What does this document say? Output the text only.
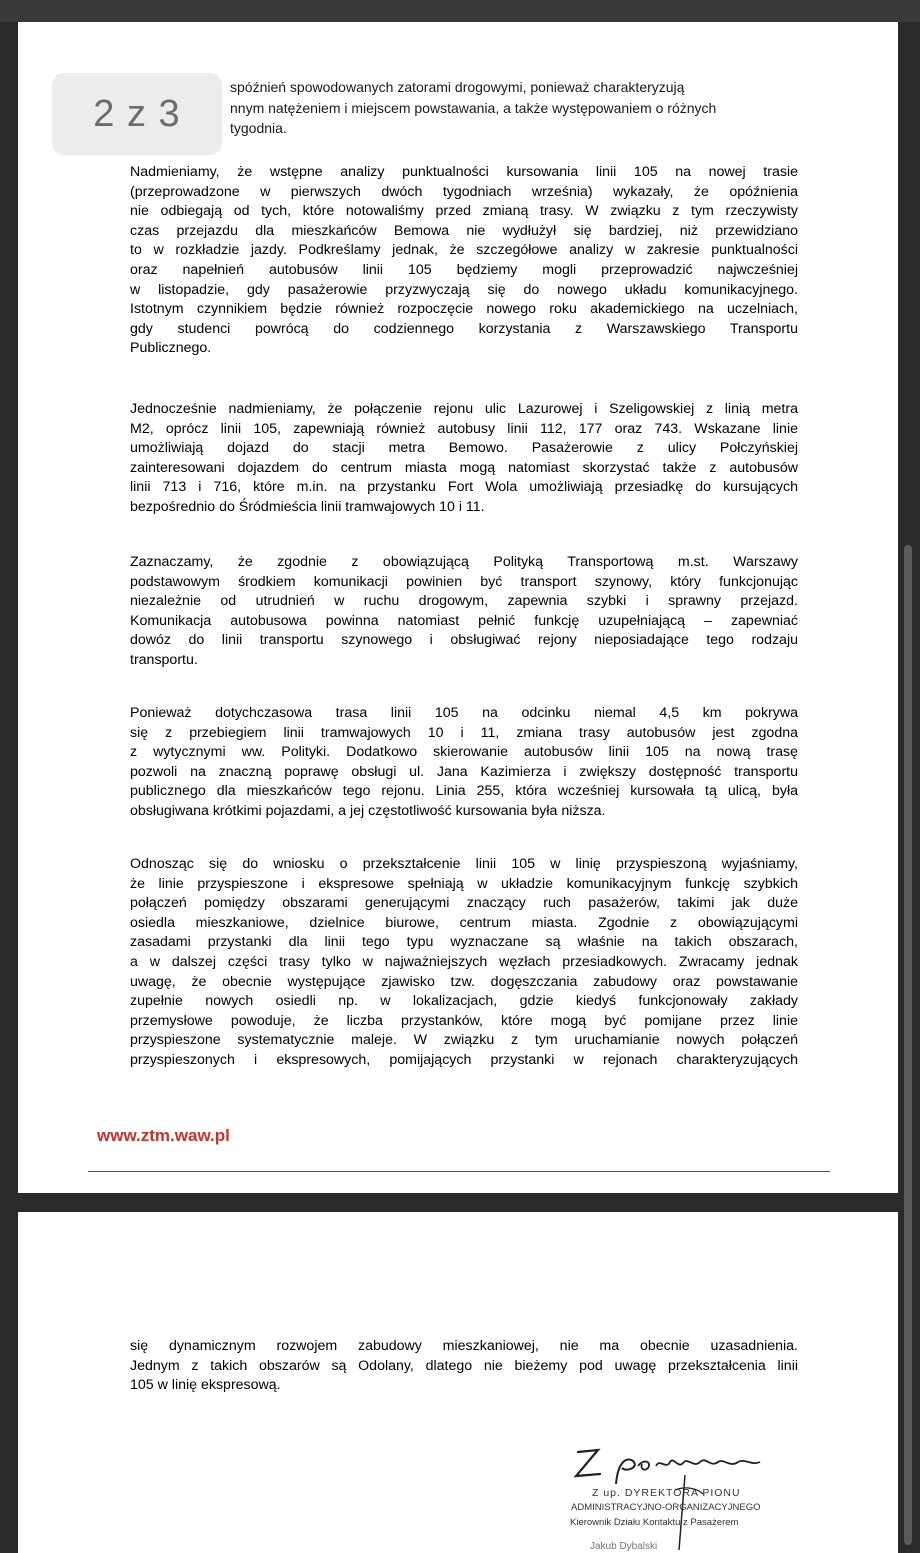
2 z 3
spóźnień spowodowanych zatorami drogowymi, ponieważ charakteryzują
nnym natężeniem i miejscem powstawania, a także występowaniem o różnych
tygodnia.
Nadmieniamy, że wstępne analizy punktualności kursowania linii 105 na nowej trasie
(przeprowadzone w pierwszych dwóch tygodniach września) wykazały, że opóźnienia
nie odbiegają od tych, które notowaliśmy przed zmianą trasy. W związku z tym rzeczywisty
czas przejazdu dla mieszkańców Bemowa nie wydłużył się bardziej, niż przewidziano
to w rozkładzie jazdy. Podkreślamy jednak, że szczegółowe analizy w zakresie punktualności
oraz napełnień autobusów linii 105 będziemy mogli przeprowadzić najwcześniej
w listopadzie, gdy pasażerowie przyzwyczają się do nowego układu komunikacyjnego.
Istotnym czynnikiem będzie również rozpoczęcie nowego roku akademickiego na uczelniach,
gdy studenci powrócą do codziennego korzystania z Warszawskiego Transportu
Publicznego.
Jednocześnie nadmieniamy, że połączenie rejonu ulic Lazurowej i Szeligowskiej z linią metra
M2, oprócz linii 105, zapewniają również autobusy linii 112, 177 oraz 743. Wskazane linie
umożliwiają dojazd do stacji metra Bemowo. Pasażerowie z ulicy Połczyńskiej
zainteresowani dojazdem do centrum miasta mogą natomiast skorzystać także z autobusów
linii 713 i 716, które m.in. na przystanku Fort Wola umożliwiają przesiadkę do kursujących
bezpośrednio do Śródmieścia linii tramwajowych 10 i 11.
Zaznaczamy, że zgodnie z obowiązującą Polityką Transportową m.st. Warszawy
podstawowym środkiem komunikacji powinien być transport szynowy, który funkcjonując
niezależnie od utrudnień w ruchu drogowym, zapewnia szybki i sprawny przejazd.
Komunikacja autobusowa powinna natomiast pełnić funkcję uzupełniającą – zapewniać
dowóz do linii transportu szynowego i obsługiwać rejony nieposiadające tego rodzaju
transportu.
Ponieważ dotychczasowa trasa linii 105 na odcinku niemal 4,5 km pokrywa
się z przebiegiem linii tramwajowych 10 i 11, zmiana trasy autobusów jest zgodna
z wytycznymi ww. Polityki. Dodatkowo skierowanie autobusów linii 105 na nową trasę
pozwoli na znaczną poprawę obsługi ul. Jana Kazimierza i zwiększy dostępność transportu
publicznego dla mieszkańców tego rejonu. Linia 255, która wcześniej kursowała tą ulicą, była
obsługiwana krótkimi pojazdami, a jej częstotliwość kursowania była niższa.
Odnosząc się do wniosku o przekształcenie linii 105 w linię przyspieszoną wyjaśniamy,
że linie przyspieszone i ekspresowe spełniają w układzie komunikacyjnym funkcję szybkich
połączeń pomiędzy obszarami generującymi znaczący ruch pasażerów, takimi jak duże
osiedla mieszkaniowe, dzielnice biurowe, centrum miasta. Zgodnie z obowiązującymi
zasadami przystanki dla linii tego typu wyznaczane są właśnie na takich obszarach,
a w dalszej części trasy tylko w najważniejszych węzłach przesiadkowych. Zwracamy jednak
uwagę, że obecnie występujące zjawisko tzw. dogęszczania zabudowy oraz powstawanie
zupełnie nowych osiedli np. w lokalizacjach, gdzie kiedyś funkcjonowały zakłady
przemysłowe powoduje, że liczba przystanków, które mogą być pomijane przez linie
przyspieszone systematycznie maleje. W związku z tym uruchamianie nowych połączeń
przyspieszonych i ekspresowych, pomijających przystanki w rejonach charakteryzujących
www.ztm.waw.pl
się dynamicznym rozwojem zabudowy mieszkaniowej, nie ma obecnie uzasadnienia.
Jednym z takich obszarów są Odolany, dlatego nie bieżemy pod uwagę przekształcenia linii
105 w linię ekspresową.
Z up. DYREKTORA PIONU
ADMINISTRACYJNO-ORGANIZACYJNEGO
Kierownik Działu Kontaktu z Pasażerem
Jakub Dybalski
